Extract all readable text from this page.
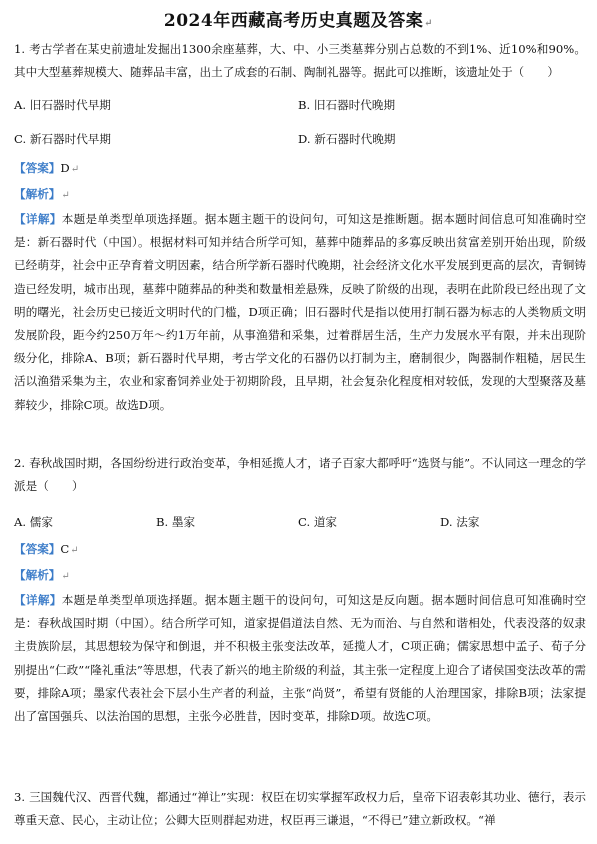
2024年西藏高考历史真题及答案↵
1. 考古学者在某史前遗址发掘出1300余座墓葬，大、中、小三类墓葬分别占总数的不到1%、近10%和90%。其中大型墓葬规模大、随葬品丰富，出土了成套的石制、陶制礼器等。据此可以推断，该遗址处于（　　）
A. 旧石器时代早期	B. 旧石器时代晚期
C. 新石器时代早期	D. 新石器时代晚期
【答案】D↵
【解析】↵
【详解】本题是单类型单项选择题。据本题主题干的设问句，可知这是推断题。据本题时间信息可知准确时空是：新石器时代（中国）。根据材料可知并结合所学可知，墓葬中随葬品的多寡反映出贫富差别开始出现，阶级已经萌芽，社会中正孕育着文明因素，结合所学新石器时代晚期，社会经济文化水平发展到更高的层次，青铜铸造已经发明，城市出现，墓葬中随葬品的种类和数量相差悬殊，反映了阶级的出现，表明在此阶段已经出现了文明的曙光，社会历史已接近文明时代的门槛，D项正确；旧石器时代是指以使用打制石器为标志的人类物质文明发展阶段，距今约250万年～约1万年前，从事渔猎和采集，过着群居生活，生产力发展水平有限，并未出现阶级分化，排除A、B项；新石器时代早期，考古学文化的石器仍以打制为主，磨制很少，陶器制作粗糙，居民生活以渔猎采集为主，农业和家畜饲养业处于初期阶段，且早期，社会复杂化程度相对较低，发现的大型聚落及墓葬较少，排除C项。故选D项。
2. 春秋战国时期，各国纷纷进行政治变革，争相延揽人才，诸子百家大都呼吁“选贤与能”。不认同这一理念的学派是（　　）
A. 儒家	B. 墨家	C. 道家	D. 法家
【答案】C↵
【解析】↵
【详解】本题是单类型单项选择题。据本题主题干的设问句，可知这是反向题。据本题时间信息可知准确时空是：春秋战国时期（中国）。结合所学可知，道家提倡道法自然、无为而治、与自然和谐相处，代表没落的奴隶主贵族阶层，其思想较为保守和倒退，并不积极主张变法改革，延揽人才，C项正确；儒家思想中孟子、荀子分别提出“仁政”“隆礼重法”等思想，代表了新兴的地主阶级的利益，其主张一定程度上迎合了诸侯国变法改革的需要，排除A项；墨家代表社会下层小生产者的利益，主张“尚贤”，希望有贤能的人治理国家，排除B项；法家提出了富国强兵、以法治国的思想，主张今必胜昔，因时变革，排除D项。故选C项。
3. 三国魏代汉、西晋代魏，都通过“禅让”实现：权臣在切实掌握军政权力后，皇帝下诏表彰其功业、德行，表示尊重天意、民心，主动让位；公卿大臣则群起劝进，权臣再三谦退，“不得已”建立新政权。“禅
